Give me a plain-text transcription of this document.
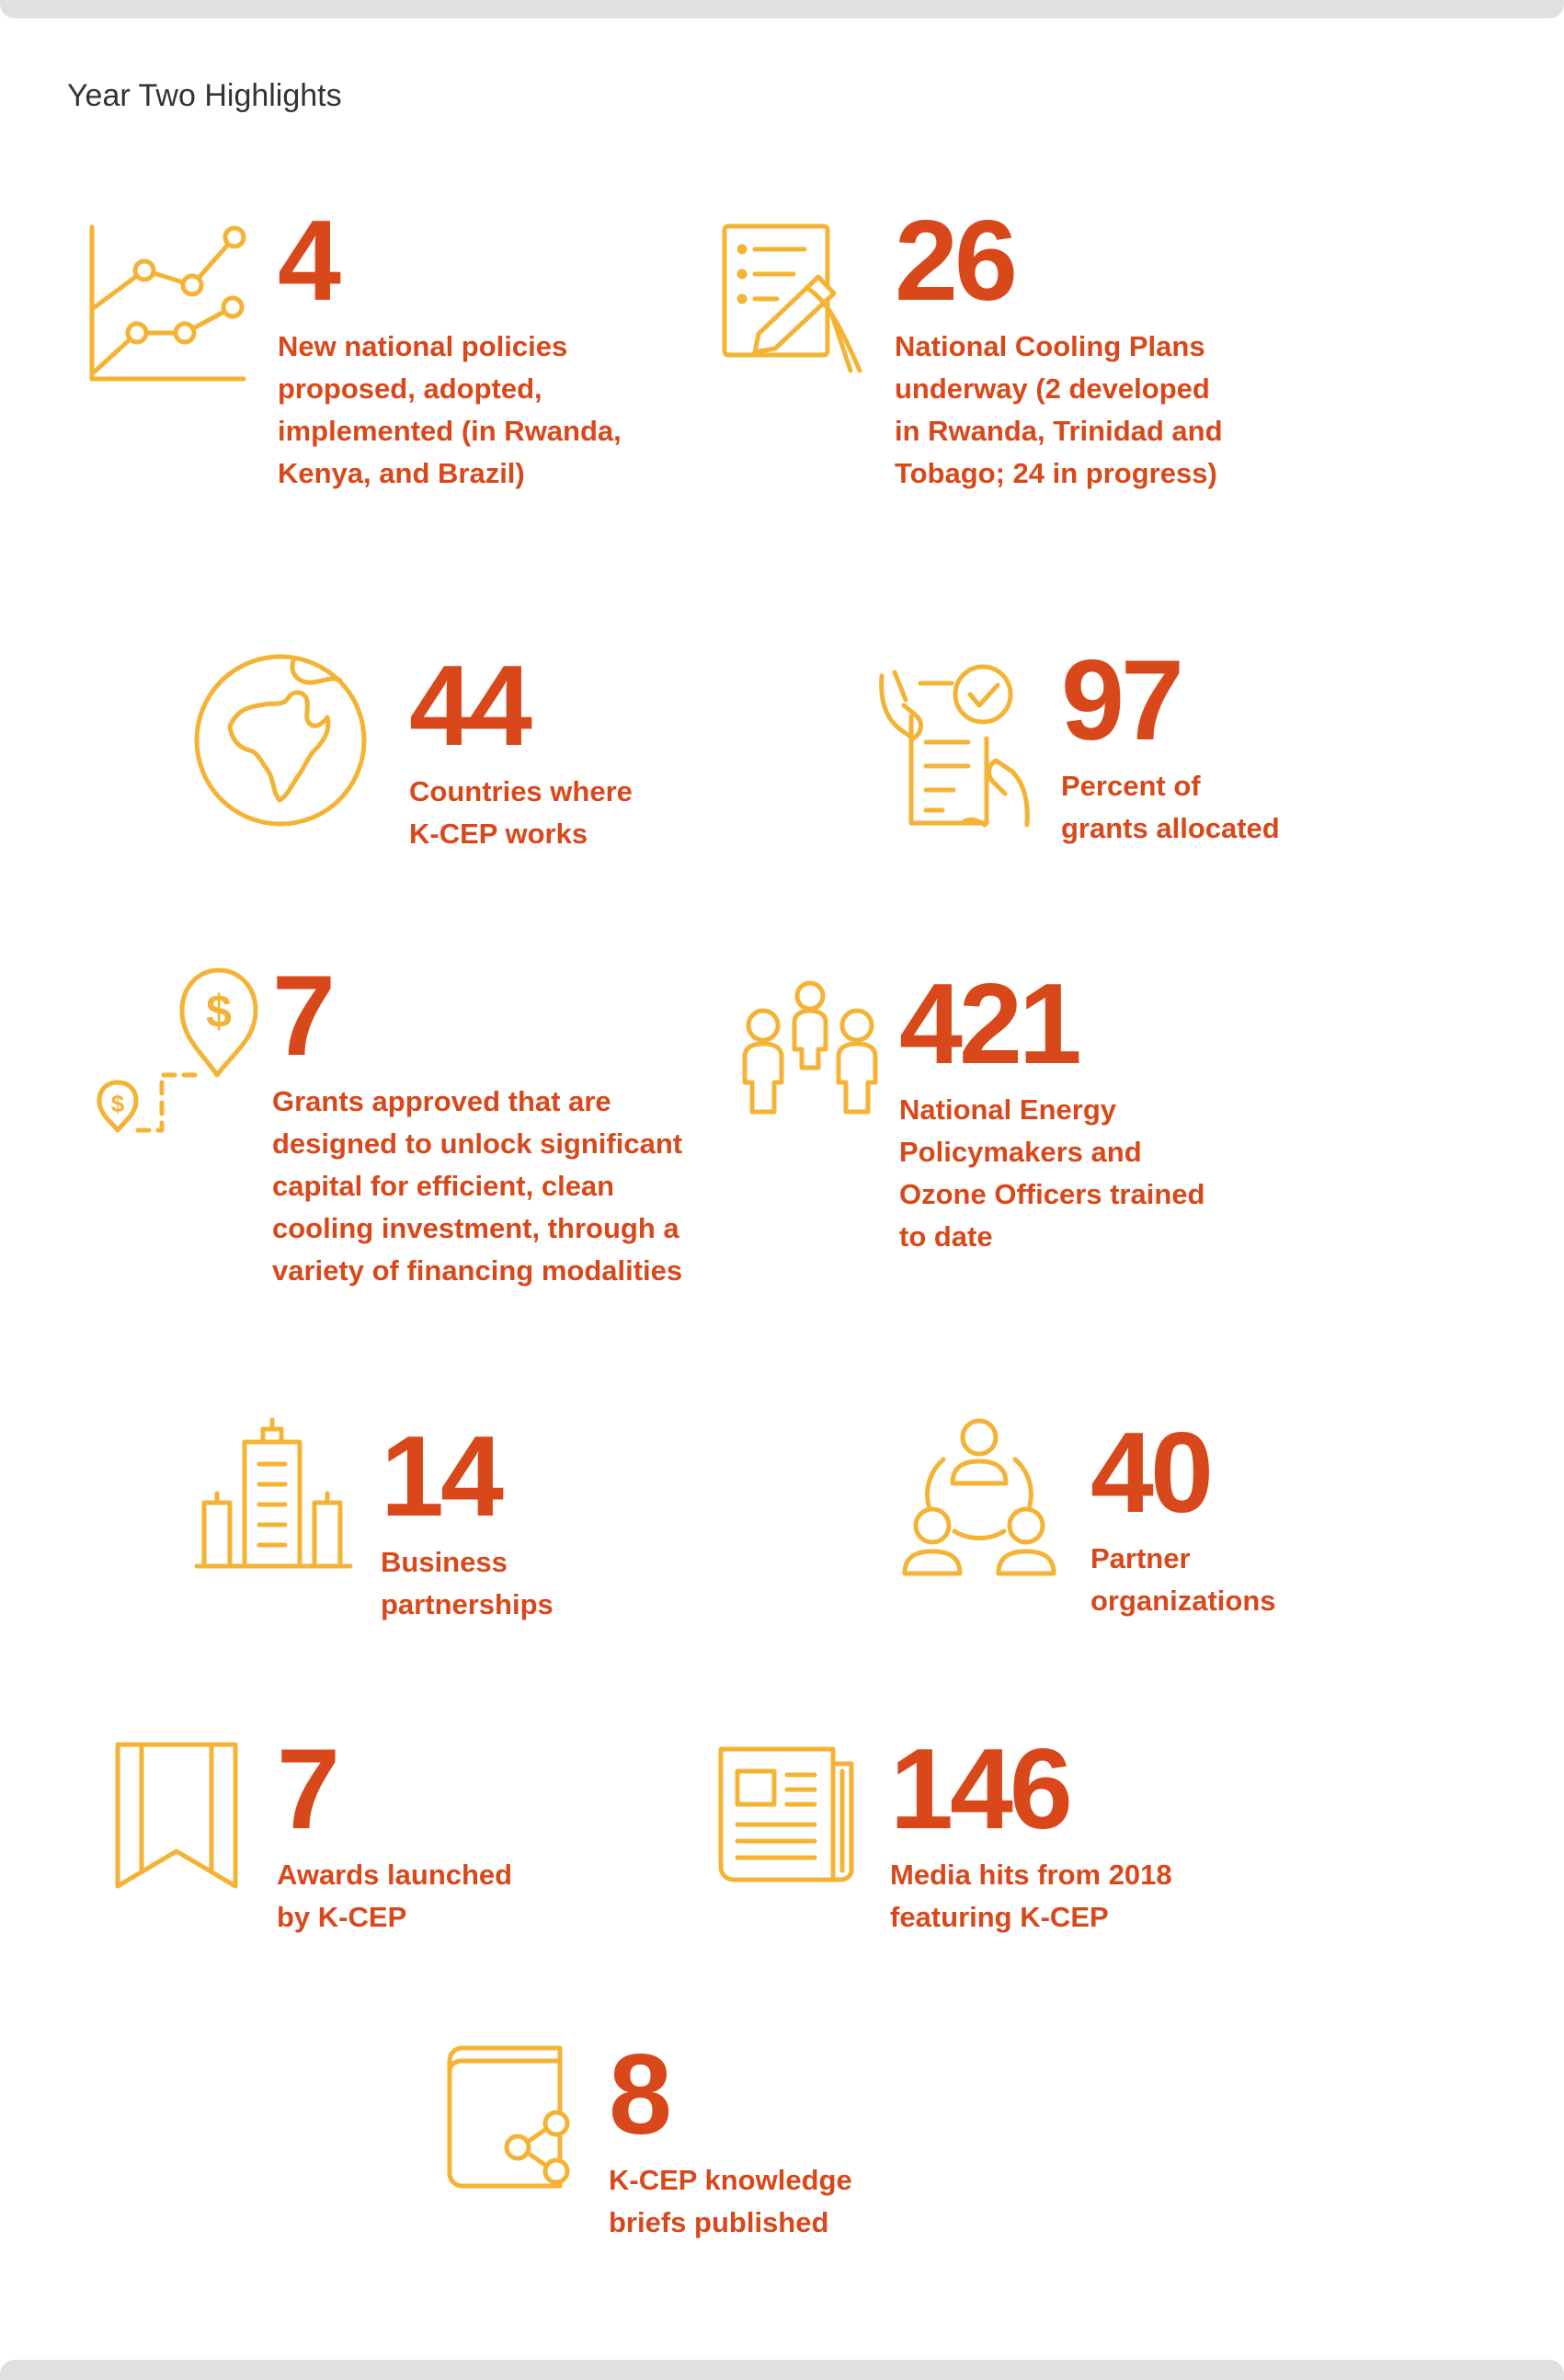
Year Two Highlights
4
New national policies
proposed, adopted,
implemented (in Rwanda,
Kenya, and Brazil)
26
National Cooling Plans
underway (2 developed
in Rwanda, Trinidad and
Tobago; 24 in progress)
44
Countries where
K-CEP works
97
Percent of
grants allocated
$
$
7
Grants approved that are
designed to unlock significant
capital for efficient, clean
cooling investment, through a
variety of financing modalities
421
National Energy
Policymakers and
Ozone Officers trained
to date
14
Business
partnerships
40
Partner
organizations
7
Awards launched
by K-CEP
146
Media hits from 2018
featuring K-CEP
8
K-CEP knowledge
briefs published
